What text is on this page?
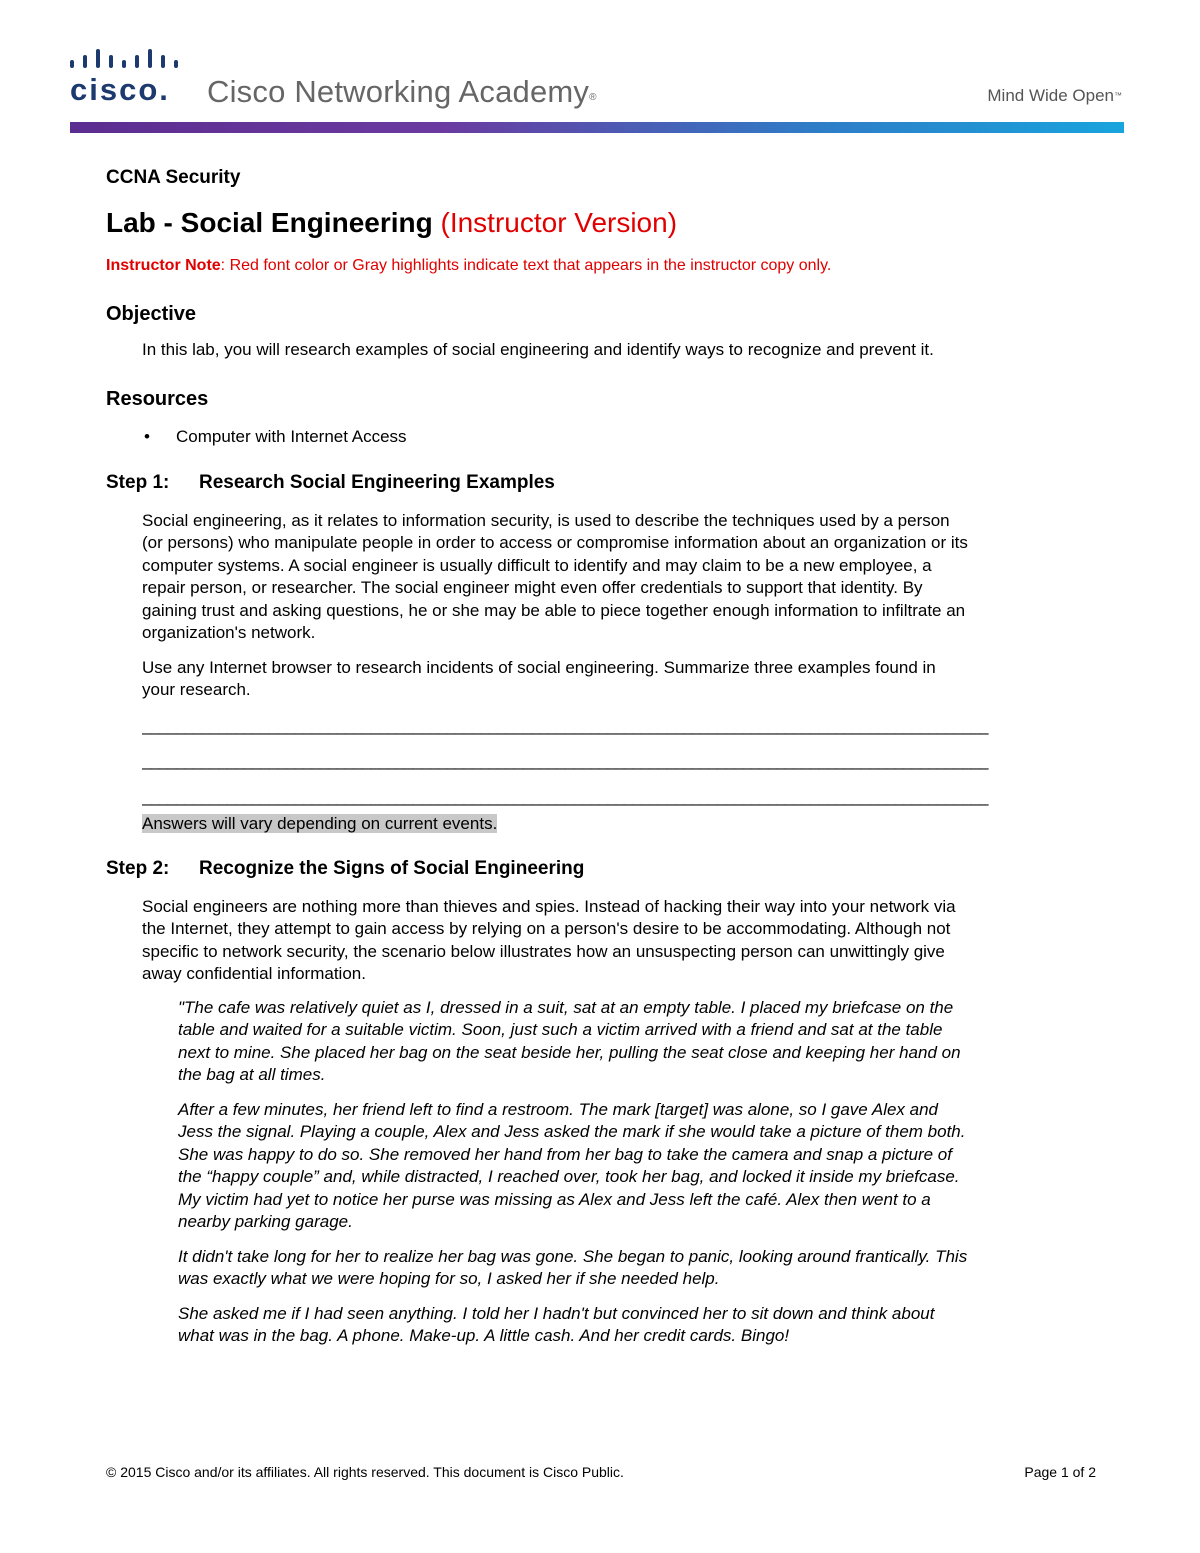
cisco. Cisco Networking Academy®	Mind Wide Open™
CCNA Security
Lab - Social Engineering (Instructor Version)
Instructor Note: Red font color or Gray highlights indicate text that appears in the instructor copy only.
Objective

In this lab, you will research examples of social engineering and identify ways to recognize and prevent it.

Resources
• Computer with Internet Access
Step 1: Research Social Engineering Examples

Social engineering, as it relates to information security, is used to describe the techniques used by a person

(or persons) who manipulate people in order to access or compromise information about an organization or its

computer systems. A social engineer is usually difficult to identify and may claim to be a new employee, a

repair person, or researcher. The social engineer might even offer credentials to support that identity. By

gaining trust and asking questions, he or she may be able to piece together enough information to infiltrate an

organization's network.

Use any Internet browser to research incidents of social engineering. Summarize three examples found in

your research.

____________________________________________________________________________________________________

____________________________________________________________________________________________________

____________________________________________________________________________________________________

Answers will vary depending on current events.

Step 2: Recognize the Signs of Social Engineering

Social engineers are nothing more than thieves and spies. Instead of hacking their way into your network via

the Internet, they attempt to gain access by relying on a person's desire to be accommodating. Although not

specific to network security, the scenario below illustrates how an unsuspecting person can unwittingly give

away confidential information.

"The cafe was relatively quiet as I, dressed in a suit, sat at an empty table. I placed my briefcase on the

table and waited for a suitable victim. Soon, just such a victim arrived with a friend and sat at the table

next to mine. She placed her bag on the seat beside her, pulling the seat close and keeping her hand on

the bag at all times.

After a few minutes, her friend left to find a restroom. The mark [target] was alone, so I gave Alex and

Jess the signal. Playing a couple, Alex and Jess asked the mark if she would take a picture of them both.

She was happy to do so. She removed her hand from her bag to take the camera and snap a picture of

the “happy couple” and, while distracted, I reached over, took her bag, and locked it inside my briefcase.

My victim had yet to notice her purse was missing as Alex and Jess left the café. Alex then went to a

nearby parking garage.

It didn't take long for her to realize her bag was gone. She began to panic, looking around frantically. This

was exactly what we were hoping for so, I asked her if she needed help.

She asked me if I had seen anything. I told her I hadn't but convinced her to sit down and think about

what was in the bag. A phone. Make-up. A little cash. And her credit cards. Bingo!

© 2015 Cisco and/or its affiliates. All rights reserved. This document is Cisco Public.	Page 1 of 2
